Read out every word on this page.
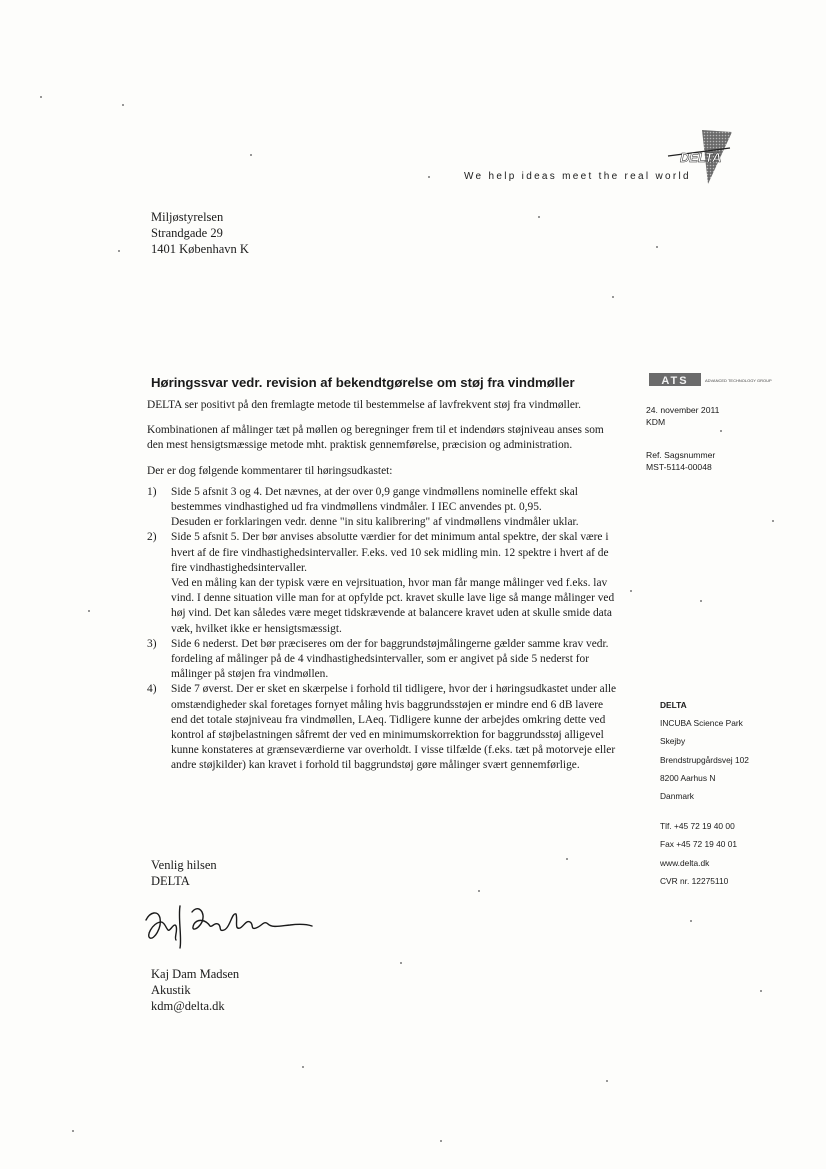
DELTA
We help ideas meet the real world
Miljøstyrelsen
Strandgade 29
1401 København K
Høringssvar vedr. revision af bekendtgørelse om støj fra vindmøller

DELTA ser positivt på den fremlagte metode til bestemmelse af lavfrekvent støj fra vindmøller.

Kombinationen af målinger tæt på møllen og beregninger frem til et indendørs støjniveau anses som den mest hensigtsmæssige metode mht. praktisk gennemførelse, præcision og administration.

Der er dog følgende kommentarer til høringsudkastet:

1) Side 5 afsnit 3 og 4. Det nævnes, at der over 0,9 gange vindmøllens nominelle effekt skal bestemmes vindhastighed ud fra vindmøllens vindmåler. I IEC anvendes pt. 0,95.
Desuden er forklaringen vedr. denne "in situ kalibrering" af vindmøllens vindmåler uklar.
2) Side 5 afsnit 5. Der bør anvises absolutte værdier for det minimum antal spektre, der skal være i hvert af de fire vindhastighedsintervaller. F.eks. ved 10 sek midling min. 12 spektre i hvert af de fire vindhastighedsintervaller.
Ved en måling kan der typisk være en vejrsituation, hvor man får mange målinger ved f.eks. lav vind. I denne situation ville man for at opfylde pct. kravet skulle lave lige så mange målinger ved høj vind. Det kan således være meget tidskrævende at balancere kravet uden at skulle smide data væk, hvilket ikke er hensigtsmæssigt.
3) Side 6 nederst. Det bør præciseres om der for baggrundstøjmålingerne gælder samme krav vedr. fordeling af målinger på de 4 vindhastighedsintervaller, som er angivet på side 5 nederst for målinger på støjen fra vindmøllen.
4) Side 7 øverst. Der er sket en skærpelse i forhold til tidligere, hvor der i høringsudkastet under alle omstændigheder skal foretages fornyet måling hvis baggrundsstøjen er mindre end 6 dB lavere end det totale støjniveau fra vindmøllen, LAeq. Tidligere kunne der arbejdes omkring dette ved kontrol af støjbelastningen såfremt der ved en minimumskorrektion for baggrundsstøj alligevel kunne konstateres at grænseværdierne var overholdt. I visse tilfælde (f.eks. tæt på motorveje eller andre støjkilder) kan kravet i forhold til baggrundstøj gøre målinger svært gennemførlige.
ATS	ADVANCED TECHNOLOGY GROUP
24. november 2011
KDM
Ref. Sagsnummer
MST-5114-00048
DELTA
INCUBA Science Park
Skejby
Brendstrupgårdsvej 102
8200 Aarhus N
Danmark
Tlf. +45 72 19 40 00
Fax +45 72 19 40 01
www.delta.dk
CVR nr. 12275110
Venlig hilsen
DELTA
Kaj Dam Madsen
Akustik
kdm@delta.dk
